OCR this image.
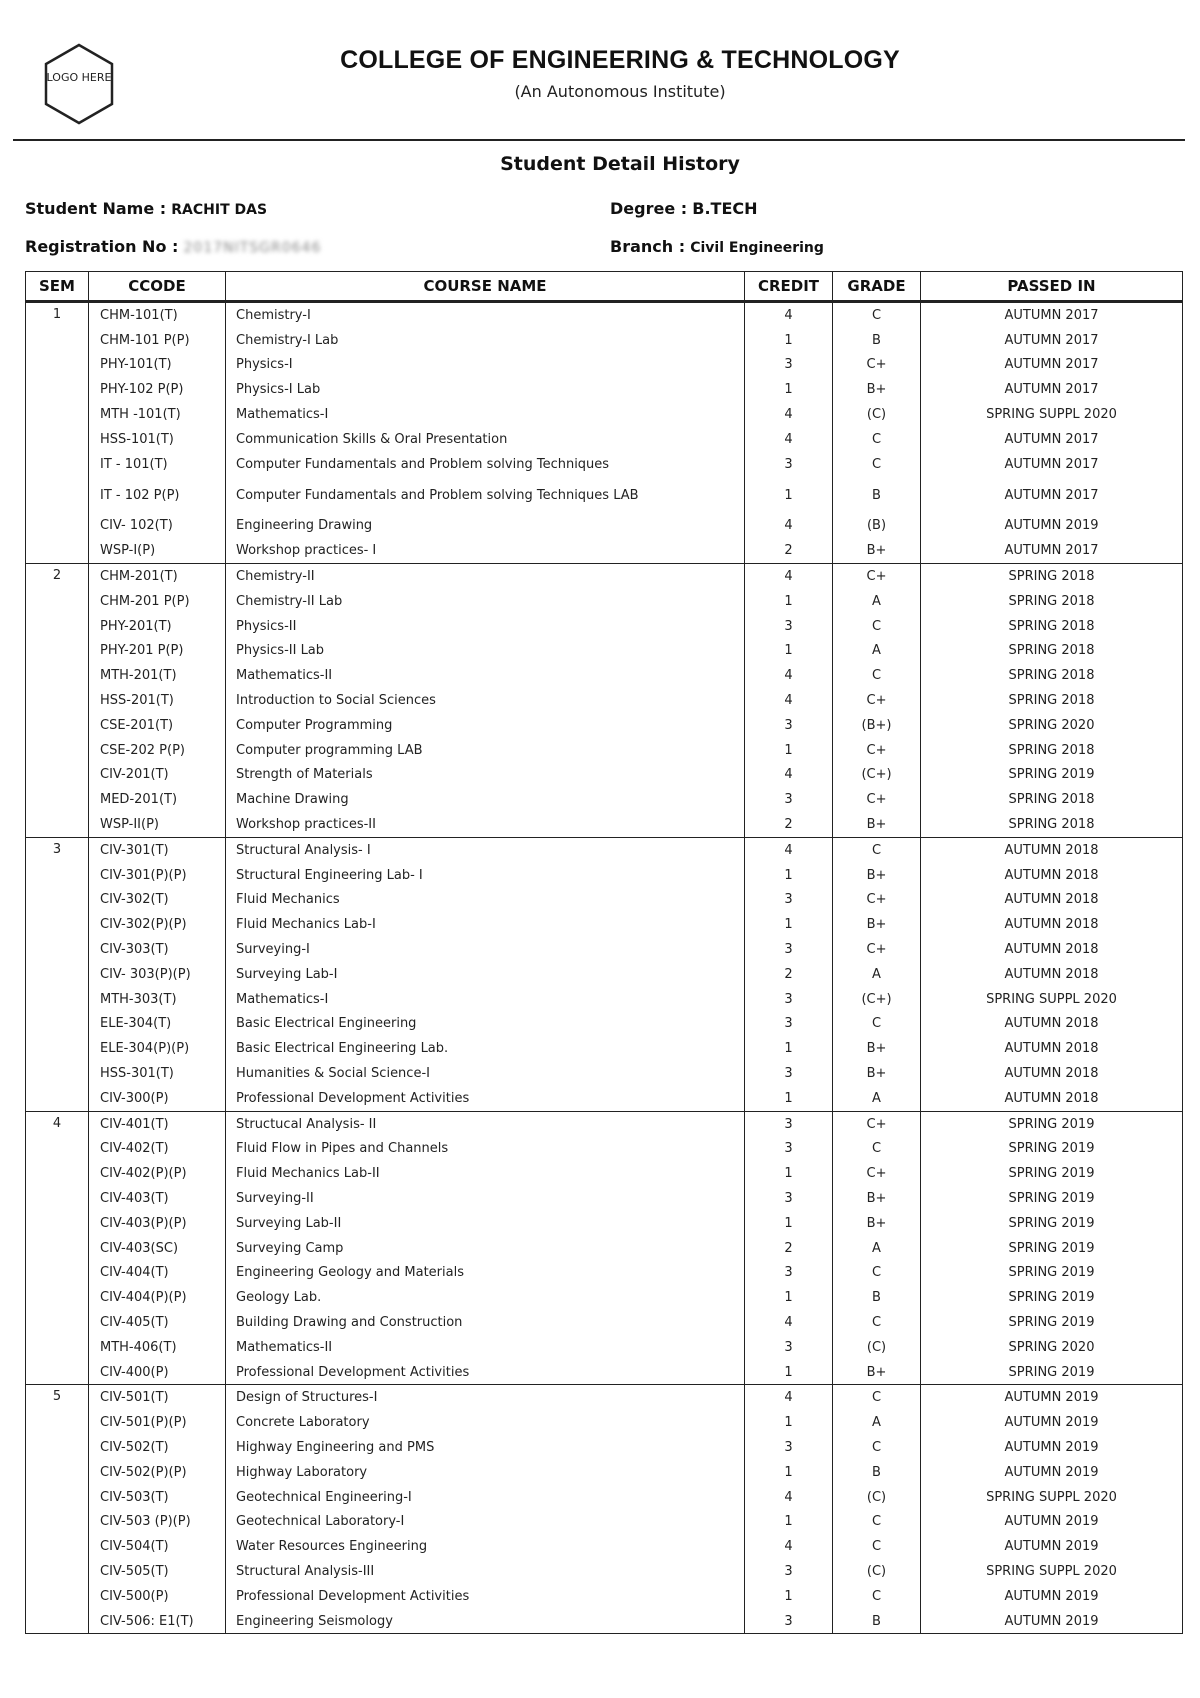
LOGO HERE
COLLEGE OF ENGINEERING & TECHNOLOGY
(An Autonomous Institute)
Student Detail History
Student Name : RACHIT DAS
Registration No : 2017NITSGR0646
Degree : B.TECH
Branch : Civil Engineering
SEM	CCODE	COURSE NAME	CREDIT	GRADE	PASSED IN
1	CHM-101(T)	Chemistry-I	4	C	AUTUMN 2017
	CHM-101 P(P)	Chemistry-I Lab	1	B	AUTUMN 2017
	PHY-101(T)	Physics-I	3	C+	AUTUMN 2017
	PHY-102 P(P)	Physics-I Lab	1	B+	AUTUMN 2017
	MTH -101(T)	Mathematics-I	4	(C)	SPRING SUPPL 2020
	HSS-101(T)	Communication Skills & Oral Presentation	4	C	AUTUMN 2017
	IT - 101(T)	Computer Fundamentals and Problem solving Techniques	3	C	AUTUMN 2017
	IT - 102 P(P)	Computer Fundamentals and Problem solving Techniques LAB	1	B	AUTUMN 2017
	CIV- 102(T)	Engineering Drawing	4	(B)	AUTUMN 2019
	WSP-I(P)	Workshop practices- I	2	B+	AUTUMN 2017
2	CHM-201(T)	Chemistry-II	4	C+	SPRING 2018
	CHM-201 P(P)	Chemistry-II Lab	1	A	SPRING 2018
	PHY-201(T)	Physics-II	3	C	SPRING 2018
	PHY-201 P(P)	Physics-II Lab	1	A	SPRING 2018
	MTH-201(T)	Mathematics-II	4	C	SPRING 2018
	HSS-201(T)	Introduction to Social Sciences	4	C+	SPRING 2018
	CSE-201(T)	Computer Programming	3	(B+)	SPRING 2020
	CSE-202 P(P)	Computer programming LAB	1	C+	SPRING 2018
	CIV-201(T)	Strength of Materials	4	(C+)	SPRING 2019
	MED-201(T)	Machine Drawing	3	C+	SPRING 2018
	WSP-II(P)	Workshop practices-II	2	B+	SPRING 2018
3	CIV-301(T)	Structural Analysis- I	4	C	AUTUMN 2018
	CIV-301(P)(P)	Structural Engineering Lab- I	1	B+	AUTUMN 2018
	CIV-302(T)	Fluid Mechanics	3	C+	AUTUMN 2018
	CIV-302(P)(P)	Fluid Mechanics Lab-I	1	B+	AUTUMN 2018
	CIV-303(T)	Surveying-I	3	C+	AUTUMN 2018
	CIV- 303(P)(P)	Surveying Lab-I	2	A	AUTUMN 2018
	MTH-303(T)	Mathematics-I	3	(C+)	SPRING SUPPL 2020
	ELE-304(T)	Basic Electrical Engineering	3	C	AUTUMN 2018
	ELE-304(P)(P)	Basic Electrical Engineering Lab.	1	B+	AUTUMN 2018
	HSS-301(T)	Humanities & Social Science-I	3	B+	AUTUMN 2018
	CIV-300(P)	Professional Development Activities	1	A	AUTUMN 2018
4	CIV-401(T)	Structucal Analysis- II	3	C+	SPRING 2019
	CIV-402(T)	Fluid Flow in Pipes and Channels	3	C	SPRING 2019
	CIV-402(P)(P)	Fluid Mechanics Lab-II	1	C+	SPRING 2019
	CIV-403(T)	Surveying-II	3	B+	SPRING 2019
	CIV-403(P)(P)	Surveying Lab-II	1	B+	SPRING 2019
	CIV-403(SC)	Surveying Camp	2	A	SPRING 2019
	CIV-404(T)	Engineering Geology and Materials	3	C	SPRING 2019
	CIV-404(P)(P)	Geology Lab.	1	B	SPRING 2019
	CIV-405(T)	Building Drawing and Construction	4	C	SPRING 2019
	MTH-406(T)	Mathematics-II	3	(C)	SPRING 2020
	CIV-400(P)	Professional Development Activities	1	B+	SPRING 2019
5	CIV-501(T)	Design of Structures-I	4	C	AUTUMN 2019
	CIV-501(P)(P)	Concrete Laboratory	1	A	AUTUMN 2019
	CIV-502(T)	Highway Engineering and PMS	3	C	AUTUMN 2019
	CIV-502(P)(P)	Highway Laboratory	1	B	AUTUMN 2019
	CIV-503(T)	Geotechnical Engineering-I	4	(C)	SPRING SUPPL 2020
	CIV-503 (P)(P)	Geotechnical Laboratory-I	1	C	AUTUMN 2019
	CIV-504(T)	Water Resources Engineering	4	C	AUTUMN 2019
	CIV-505(T)	Structural Analysis-III	3	(C)	SPRING SUPPL 2020
	CIV-500(P)	Professional Development Activities	1	C	AUTUMN 2019
	CIV-506: E1(T)	Engineering Seismology	3	B	AUTUMN 2019
